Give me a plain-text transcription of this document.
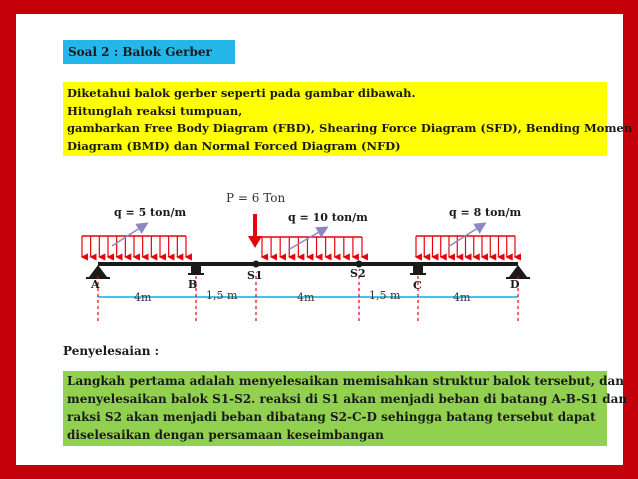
Soal 2 : Balok Gerber
Diketahui balok gerber seperti pada gambar dibawah.
Hitunglah reaksi tumpuan,
gambarkan Free Body Diagram (FBD), Shearing Force Diagram (SFD), Bending Momen
Diagram (BMD) dan Normal Forced Diagram (NFD)
P = 6 Ton
q = 5 ton/m	q = 10 ton/m	q = 8 ton/m
A	B
S1	S2
C	D
4m	1,5 m	4m	1,5 m	4m
Penyelesaian :
Langkah pertama adalah menyelesaikan memisahkan struktur balok tersebut, dan
menyelesaikan balok S1-S2. reaksi di S1 akan menjadi beban di batang A-B-S1 dan
raksi S2 akan menjadi beban dibatang S2-C-D sehingga batang tersebut dapat
diselesaikan dengan persamaan keseimbangan
